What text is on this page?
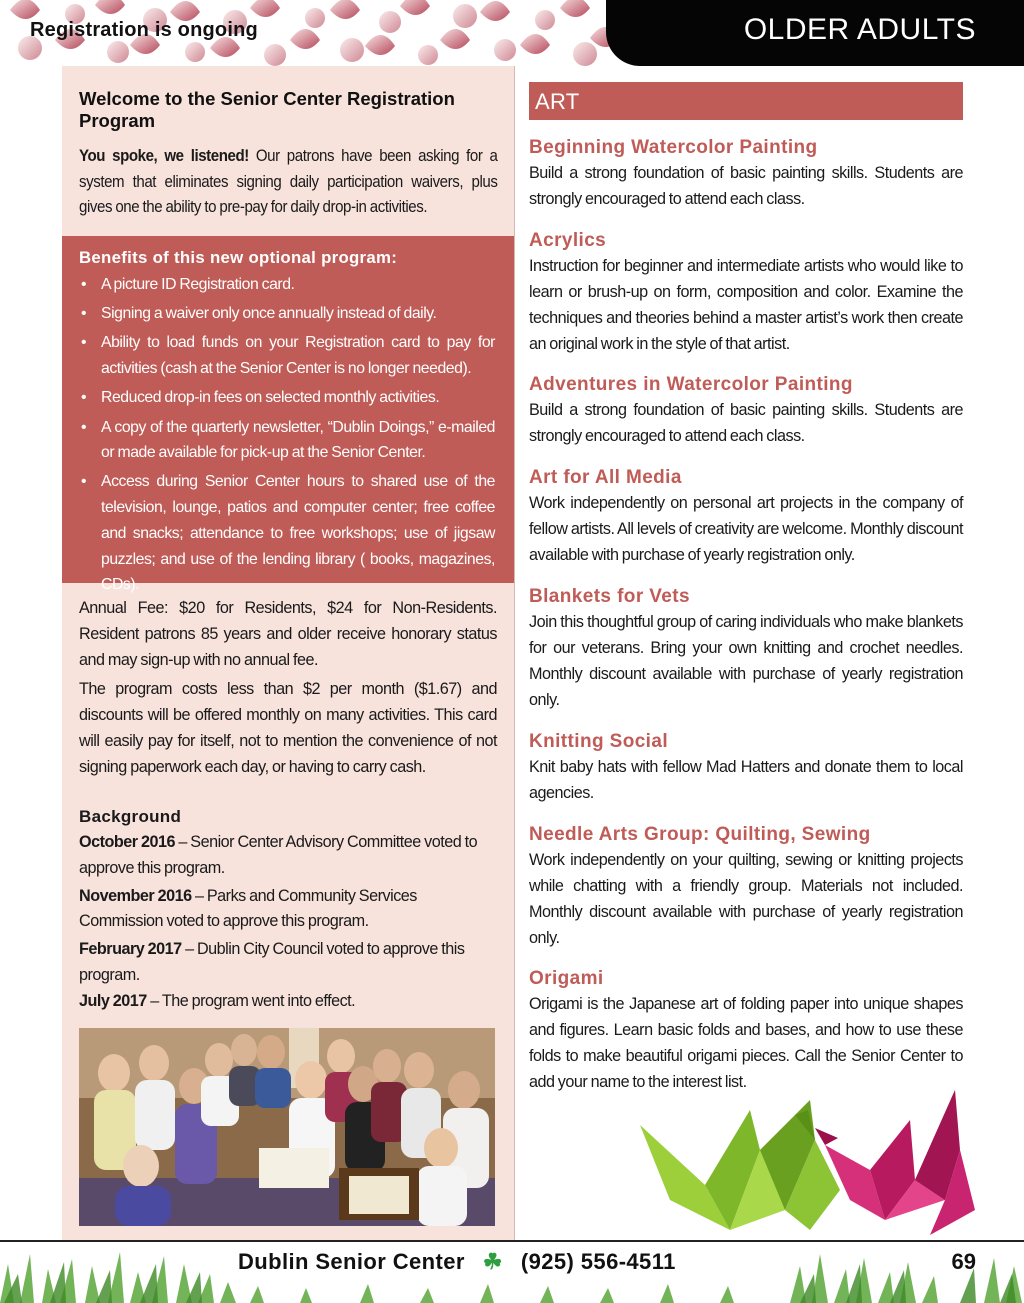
Registration is ongoing	OLDER ADULTS
Welcome to the Senior Center Registration Program

You spoke, we listened! Our patrons have been asking for a system that eliminates signing daily participation waivers, plus gives one the ability to pre-pay for daily drop-in activities.

Benefits of this new optional program:
• A picture ID Registration card.
• Signing a waiver only once annually instead of daily.
• Ability to load funds on your Registration card to pay for activities (cash at the Senior Center is no longer needed).
• Reduced drop-in fees on selected monthly activities.
• A copy of the quarterly newsletter, “Dublin Doings,” e-mailed or made available for pick-up at the Senior Center.
• Access during Senior Center hours to shared use of the television, lounge, patios and computer center; free coffee and snacks; attendance to free workshops; use of jigsaw puzzles; and use of the lending library ( books, magazines, CDs).

Annual Fee: $20 for Residents, $24 for Non-Residents. Resident patrons 85 years and older receive honorary status and may sign-up with no annual fee.

The program costs less than $2 per month ($1.67) and discounts will be offered monthly on many activities. This card will easily pay for itself, not to mention the convenience of not signing paperwork each day, or having to carry cash.

Background

October 2016 – Senior Center Advisory Committee voted to approve this program.

November 2016 – Parks and Community Services Commission voted to approve this program.

February 2017 – Dublin City Council voted to approve this program.

July 2017 – The program went into effect.

ART
Beginning Watercolor Painting

Build a strong foundation of basic painting skills. Students are strongly encouraged to attend each class.

Acrylics

Instruction for beginner and intermediate artists who would like to learn or brush-up on form, composition and color. Examine the techniques and theories behind a master artist’s work then create an original work in the style of that artist.

Adventures in Watercolor Painting

Build a strong foundation of basic painting skills. Students are strongly encouraged to attend each class.

Art for All Media

Work independently on personal art projects in the company of fellow artists. All levels of creativity are welcome. Monthly discount available with purchase of yearly registration only.

Blankets for Vets

Join this thoughtful group of caring individuals who make blankets for our veterans. Bring your own knitting and crochet needles. Monthly discount available with purchase of yearly registration only.

Knitting Social

Knit baby hats with fellow Mad Hatters and donate them to local agencies.

Needle Arts Group: Quilting, Sewing

Work independently on your quilting, sewing or knitting projects while chatting with a friendly group. Materials not included. Monthly discount available with purchase of yearly registration only.

Origami

Origami is the Japanese art of folding paper into unique shapes and figures. Learn basic folds and bases, and how to use these folds to make beautiful origami pieces. Call the Senior Center to add your name to the interest list.

Dublin Senior Center ☘ (925) 556-4511	69
